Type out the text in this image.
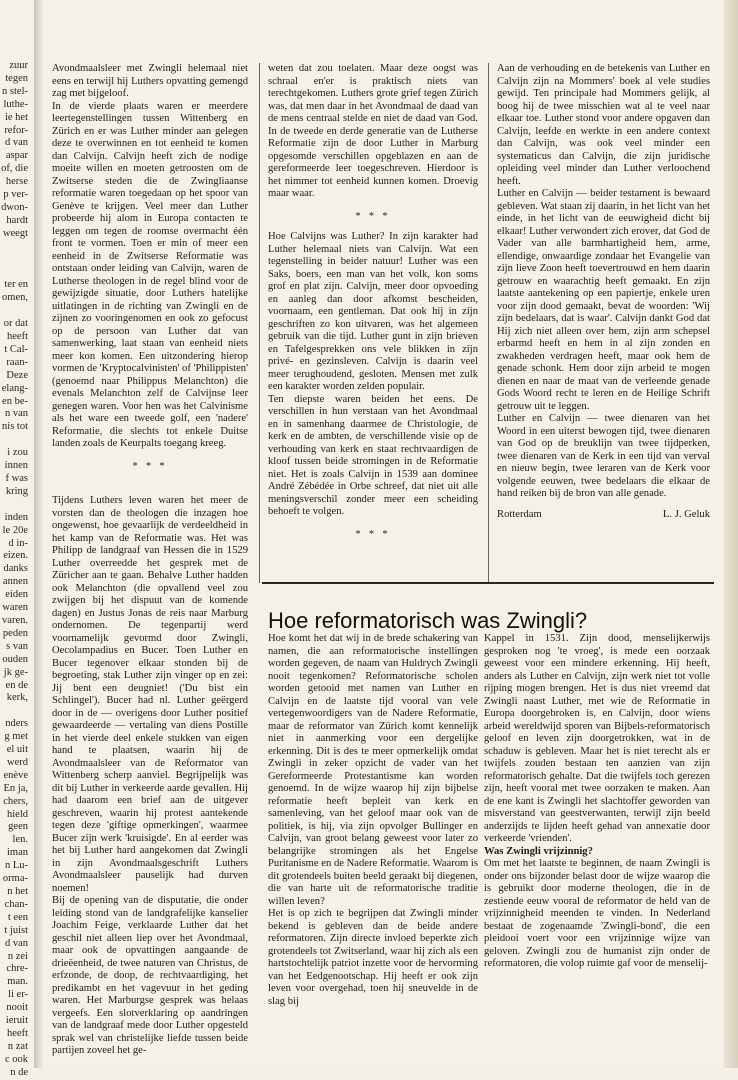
zuur
tegen
n stel-
luthe-
ie het
refor-
d van
aspar
of, die
herse
p ver-
dwon-
hardt
weegt

ter en
omen,

or dat
heeft
t Cal-
raan-
Deze
elang-
en be-
n van
nis tot

i zou
innen
f was
kring

inden
le 20e
d in-
eizen.
danks
annen
eiden
waren
varen.
peden
s van
ouden
jk ge-
en de
kerk,

nders
g met
el uit
werd
enève
En ja,
chers,
hield
geen
len.
iman
n Lu-
orma-
n het
chan-
t een
t juist
d van
n zei
chre-
man.
li er-
nooit
ieruit
heeft
n zat
c ook
n de

Avondmaalsleer met Zwingli helemaal niet eens en terwijl hij Luthers opvatting gemengd zag met bijgeloof.

In de vierde plaats waren er meerdere leertegenstellingen tussen Wittenberg en Zürich en er was Luther minder aan gelegen deze te overwinnen en tot eenheid te komen dan Calvijn. Calvijn heeft zich de nodige moeite willen en moeten getroosten om de Zwitserse steden die de Zwingliaanse reformatie waren toegedaan op het spoor van Genève te krijgen. Veel meer dan Luther probeerde hij alom in Europa contacten te leggen om tegen de roomse overmacht één front te vormen. Toen er min of meer een eenheid in de Zwitserse Reformatie was ontstaan onder leiding van Calvijn, waren de Lutherse theologen in de regel blind voor de gewijzigde situatie, door Luthers hatelijke uitlatingen in de richting van Zwingli en de zijnen zo vooringenomen en ook zo gefocust op de persoon van Luther dat van samenwerking, laat staan van eenheid niets meer kon komen. Een uitzondering hierop vormen de 'Kryptocalvinisten' of 'Philippisten' (genoemd naar Philippus Melanchton) die evenals Melanchton zelf de Calvijnse leer genegen waren. Voor hen was het Calvinisme als het ware een tweede golf, een 'nadere' Reformatie, die slechts tot enkele Duitse landen zoals de Keurpalts toegang kreeg.

* * *

Tijdens Luthers leven waren het meer de vorsten dan de theologen die inzagen hoe ongewenst, hoe gevaarlijk de verdeeldheid in het kamp van de Reformatie was. Het was Philipp de landgraaf van Hessen die in 1529 Luther overreedde het gesprek met de Züricher aan te gaan. Behalve Luther hadden ook Melanchton (die opvallend veel zou zwijgen bij het dispuut van de komende dagen) en Justus Jonas de reis naar Marburg ondernomen. De tegenpartij werd voornamelijk gevormd door Zwingli, Oecolampadius en Bucer. Toen Luther en Bucer tegenover elkaar stonden bij de begroeting, stak Luther zijn vinger op en zei: Jij bent een deugniet! ('Du bist ein Schlingel'). Bucer had nl. Luther geërgerd door in de — overigens door Luther positief gewaardeerde — vertaling van diens Postille in het vierde deel enkele stukken van eigen hand te plaatsen, waarin hij de Avondmaalsleer van de Reformator van Wittenberg scherp aanviel. Begrijpelijk was dit bij Luther in verkeerde aarde gevallen. Hij had daarom een brief aan de uitgever geschreven, waarin hij protest aantekende tegen deze 'giftige opmerkingen', waarmee Bucer zijn werk 'kruisigde'. En al eerder was het bij Luther hard aangekomen dat Zwingli in zijn Avondmaalsgeschrift Luthers Avondmaalsleer pauselijk had durven noemen!

Bij de opening van de disputatie, die onder leiding stond van de landgrafelijke kanselier Joachim Feige, verklaarde Luther dat het geschil niet alleen liep over het Avondmaal, maar ook de opvattingen aangaande de drieëenheid, de twee naturen van Christus, de erfzonde, de doop, de rechtvaardiging, het predikambt en het vagevuur in het geding waren. Het Marburgse gesprek was helaas vergeefs. Een slotverklaring op aandringen van de landgraaf mede door Luther opgesteld sprak wel van christelijke liefde tussen beide partijen zoveel het ge-

weten dat zou toelaten. Maar deze oogst was schraal en'er is praktisch niets van terechtgekomen. Luthers grote grief tegen Zürich was, dat men daar in het Avondmaal de daad van de mens centraal stelde en niet de daad van God. In de tweede en derde generatie van de Lutherse Reformatie zijn de door Luther in Marburg opgesomde verschillen opgeblazen en aan de gereformeerde leer toegeschreven. Hierdoor is het nimmer tot eenheid kunnen komen. Droevig maar waar.

* * *

Hoe Calvijns was Luther? In zijn karakter had Luther helemaal niets van Calvijn. Wat een tegenstelling in beider natuur! Luther was een Saks, boers, een man van het volk, kon soms grof en plat zijn. Calvijn, meer door opvoeding en aanleg dan door afkomst bescheiden, voornaam, een gentleman. Dat ook hij in zijn geschriften zo kon uitvaren, was het algemeen gebruik van die tijd. Luther gunt in zijn brieven en Tafelgesprekken ons vele blikken in zijn privé- en gezinsleven. Calvijn is daarin veel meer terughoudend, gesloten. Mensen met zulk een karakter worden zelden populair.

Ten diepste waren beiden het eens. De verschillen in hun verstaan van het Avondmaal en in samenhang daarmee de Christologie, de kerk en de ambten, de verschillende visie op de verhouding van kerk en staat rechtvaardigen de kloof tussen beide stromingen in de Reformatie niet. Het is zoals Calvijn in 1539 aan dominee André Zébédée in Orbe schreef, dat niet uit alle meningsverschil zonder meer een scheiding behoeft te volgen.

* * *

Aan de verhouding en de betekenis van Luther en Calvijn zijn na Mommers' boek al vele studies gewijd. Ten principale had Mommers gelijk, al boog hij de twee misschien wat al te veel naar elkaar toe. Luther stond voor andere opgaven dan Calvijn, leefde en werkte in een andere context dan Calvijn, was ook veel minder een systematicus dan Calvijn, die zijn juridische opleiding veel minder dan Luther verloochend heeft.

Luther en Calvijn — beider testament is bewaard gebleven. Wat staan zij daarin, in het licht van het einde, in het licht van de eeuwigheid dicht bij elkaar! Luther verwondert zich erover, dat God de Vader van alle barmhartigheid hem, arme, ellendige, onwaardige zondaar het Evangelie van zijn lieve Zoon heeft toevertrouwd en hem daarin getrouw en waarachtig heeft gemaakt. En zijn laatste aantekening op een papiertje, enkele uren voor zijn dood gemaakt, bevat de woorden: 'Wij zijn bedelaars, dat is waar'. Calvijn dankt God dat Hij zich niet alleen over hem, zijn arm schepsel erbarmd heeft en hem in al zijn zonden en zwakheden verdragen heeft, maar ook hem de genade schonk. Hem door zijn arbeid te mogen dienen en naar de maat van de verleende genade Gods Woord recht te leren en de Heilige Schrift getrouw uit te leggen.

Luther en Calvijn — twee dienaren van het Woord in een uiterst bewogen tijd, twee dienaren van God op de breuklijn van twee tijdperken, twee dienaren van de Kerk in een tijd van verval en nieuw begin, twee leraren van de Kerk voor volgende eeuwen, twee bedelaars die elkaar de hand reiken bij de bron van alle genade.

Rotterdam	L. J. Geluk
Hoe reformatorisch was Zwingli?

Hoe komt het dat wij in de brede schakering van namen, die aan reformatorische instellingen worden gegeven, de naam van Huldrych Zwingli nooit tegenkomen? Reformatorische scholen worden getooid met namen van Luther en Calvijn en de laatste tijd vooral van vele vertegenwoordigers van de Nadere Reformatie, maar de reformator van Zürich komt kennelijk niet in aanmerking voor een dergelijke erkenning. Dit is des te meer opmerkelijk omdat Zwingli in zeker opzicht de vader van het Gereformeerde Protestantisme kan worden genoemd. In de wijze waarop hij zijn bijbelse reformatie heeft bepleit van kerk en samenleving, van het geloof maar ook van de politiek, is hij, via zijn opvolger Bullinger en Calvijn, van groot belang geweest voor later zo belangrijke stromingen als het Engelse Puritanisme en de Nadere Reformatie. Waarom is dit grotendeels buiten beeld geraakt bij diegenen, die van harte uit de reformatorische traditie willen leven?

Het is op zich te begrijpen dat Zwingli minder bekend is gebleven dan de beide andere reformatoren. Zijn directe invloed beperkte zich grotendeels tot Zwitserland, waar hij zich als een hartstochtelijk patriot inzette voor de hervorming van het Eedgenootschap. Hij heeft er ook zijn leven voor overgehad, toen hij sneuvelde in de slag bij

Kappel in 1531. Zijn dood, menselijkerwijs gesproken nog 'te vroeg', is mede een oorzaak geweest voor een mindere erkenning. Hij heeft, anders als Luther en Calvijn, zijn werk niet tot volle rijping mogen brengen. Het is dus niet vreemd dat Zwingli naast Luther, met wie de Reformatie in Europa doorgebroken is, en Calvijn, door wiens arbeid wereldwijd sporen van Bijbels-reformatorisch geloof en leven zijn doorgetrokken, wat in de schaduw is gebleven. Maar het is niet terecht als er twijfels zouden bestaan ten aanzien van zijn reformatorisch gehalte. Dat die twijfels toch gerezen zijn, heeft vooral met twee oorzaken te maken. Aan de ene kant is Zwingli het slachtoffer geworden van misverstand van geestverwanten, terwijl zijn beeld anderzijds te lijden heeft gehad van annexatie door verkeerde 'vrienden'.

Was Zwingli vrijzinnig?

Om met het laatste te beginnen, de naam Zwingli is onder ons bijzonder belast door de wijze waarop die is gebruikt door moderne theologen, die in de zestiende eeuw vooral de reformator de held van de vrijzinnigheid meenden te vinden. In Nederland bestaat de zogenaamde 'Zwingli-bond', die een pleidooi voert voor een vrijzinnige wijze van geloven. Zwingli zou de humanist zijn onder de reformatoren, die volop ruimte gaf voor de menselij-
